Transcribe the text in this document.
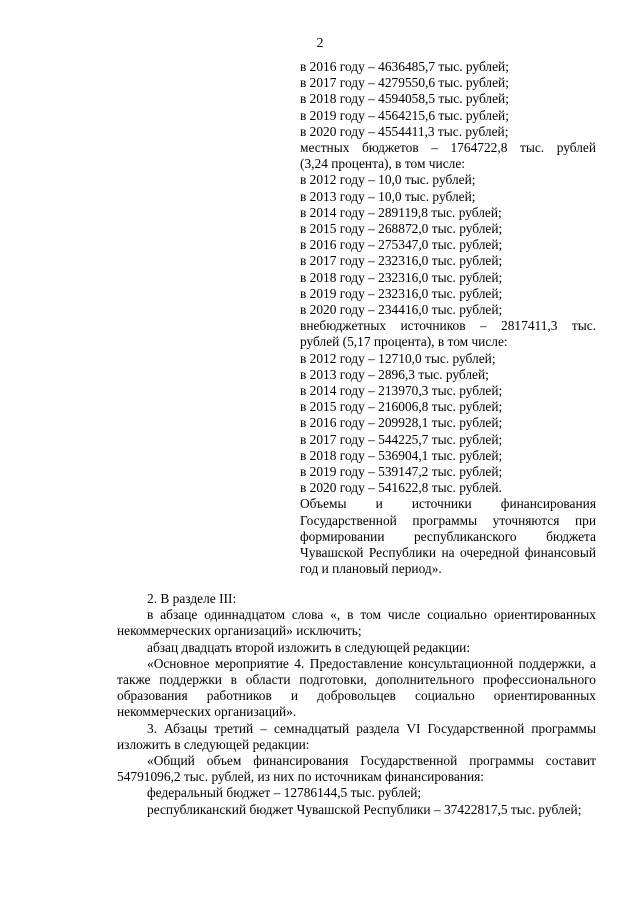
2
в 2016 году – 4636485,7 тыс. рублей;
в 2017 году – 4279550,6 тыс. рублей;
в 2018 году – 4594058,5 тыс. рублей;
в 2019 году – 4564215,6 тыс. рублей;
в 2020 году – 4554411,3 тыс. рублей;
местных бюджетов – 1764722,8 тыс. рублей
(3,24 процента), в том числе:
в 2012 году – 10,0 тыс. рублей;
в 2013 году – 10,0 тыс. рублей;
в 2014 году – 289119,8 тыс. рублей;
в 2015 году – 268872,0 тыс. рублей;
в 2016 году – 275347,0 тыс. рублей;
в 2017 году – 232316,0 тыс. рублей;
в 2018 году – 232316,0 тыс. рублей;
в 2019 году – 232316,0 тыс. рублей;
в 2020 году – 234416,0 тыс. рублей;
внебюджетных источников – 2817411,3 тыс.
рублей (5,17 процента), в том числе:
в 2012 году – 12710,0 тыс. рублей;
в 2013 году – 2896,3 тыс. рублей;
в 2014 году – 213970,3 тыс. рублей;
в 2015 году – 216006,8 тыс. рублей;
в 2016 году – 209928,1 тыс. рублей;
в 2017 году – 544225,7 тыс. рублей;
в 2018 году – 536904,1 тыс. рублей;
в 2019 году – 539147,2 тыс. рублей;
в 2020 году – 541622,8 тыс. рублей.
Объемы и источники финансирования Государственной программы уточняются при формировании республиканского бюджета Чувашской Республики на очередной финансовый год и плановый период».

2. В разделе III:

в абзаце одиннадцатом слова «, в том числе социально ориентированных некоммерческих организаций» исключить;

абзац двадцать второй изложить в следующей редакции:

«Основное мероприятие 4. Предоставление консультационной поддержки, а также поддержки в области подготовки, дополнительного профессионального образования работников и добровольцев социально ориентированных некоммерческих организаций».

3. Абзацы третий – семнадцатый раздела VI Государственной программы изложить в следующей редакции:

«Общий объем финансирования Государственной программы составит 54791096,2 тыс. рублей, из них по источникам финансирования:

федеральный бюджет – 12786144,5 тыс. рублей;

республиканский бюджет Чувашской Республики – 37422817,5 тыс. рублей;
